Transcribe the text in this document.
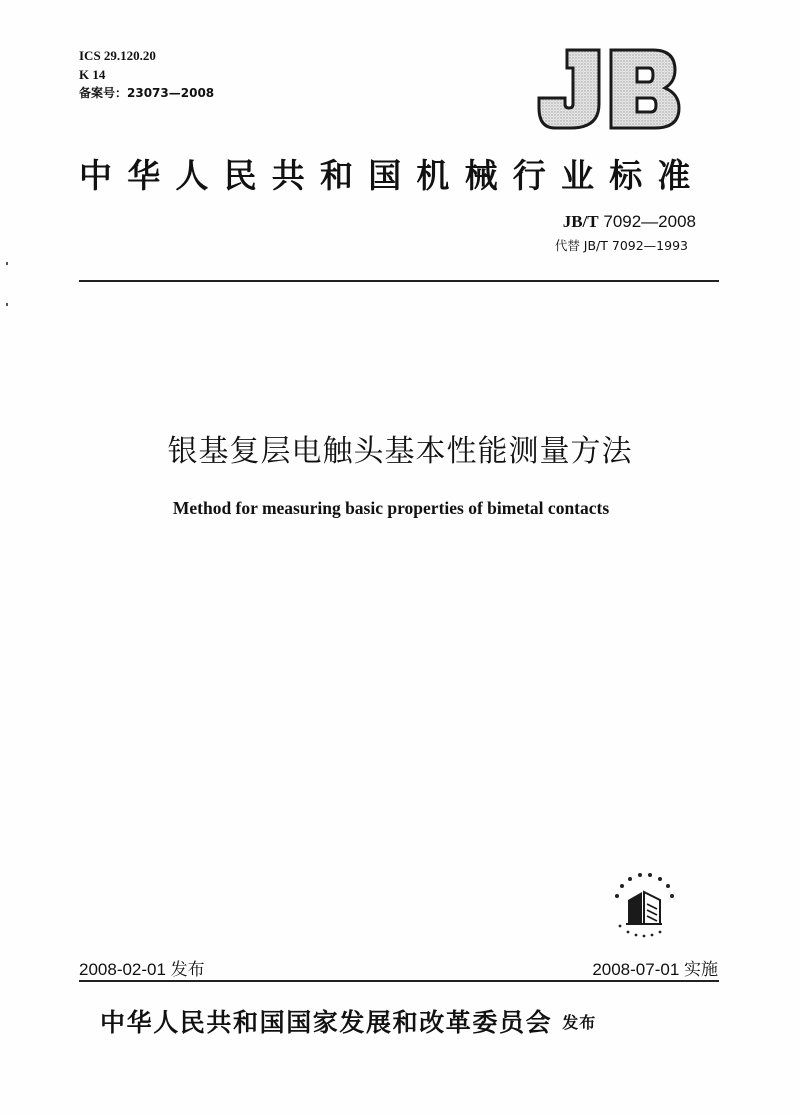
ICS 29.120.20
K 14
备案号：23073—2008
中华人民共和国机械行业标准
JB/T 7092—2008
代替 JB/T 7092—1993
银基复层电触头基本性能测量方法
Method for measuring basic properties of bimetal contacts
2008-02-01 发布	2008-07-01 实施
中华人民共和国国家发展和改革委员会 发布
